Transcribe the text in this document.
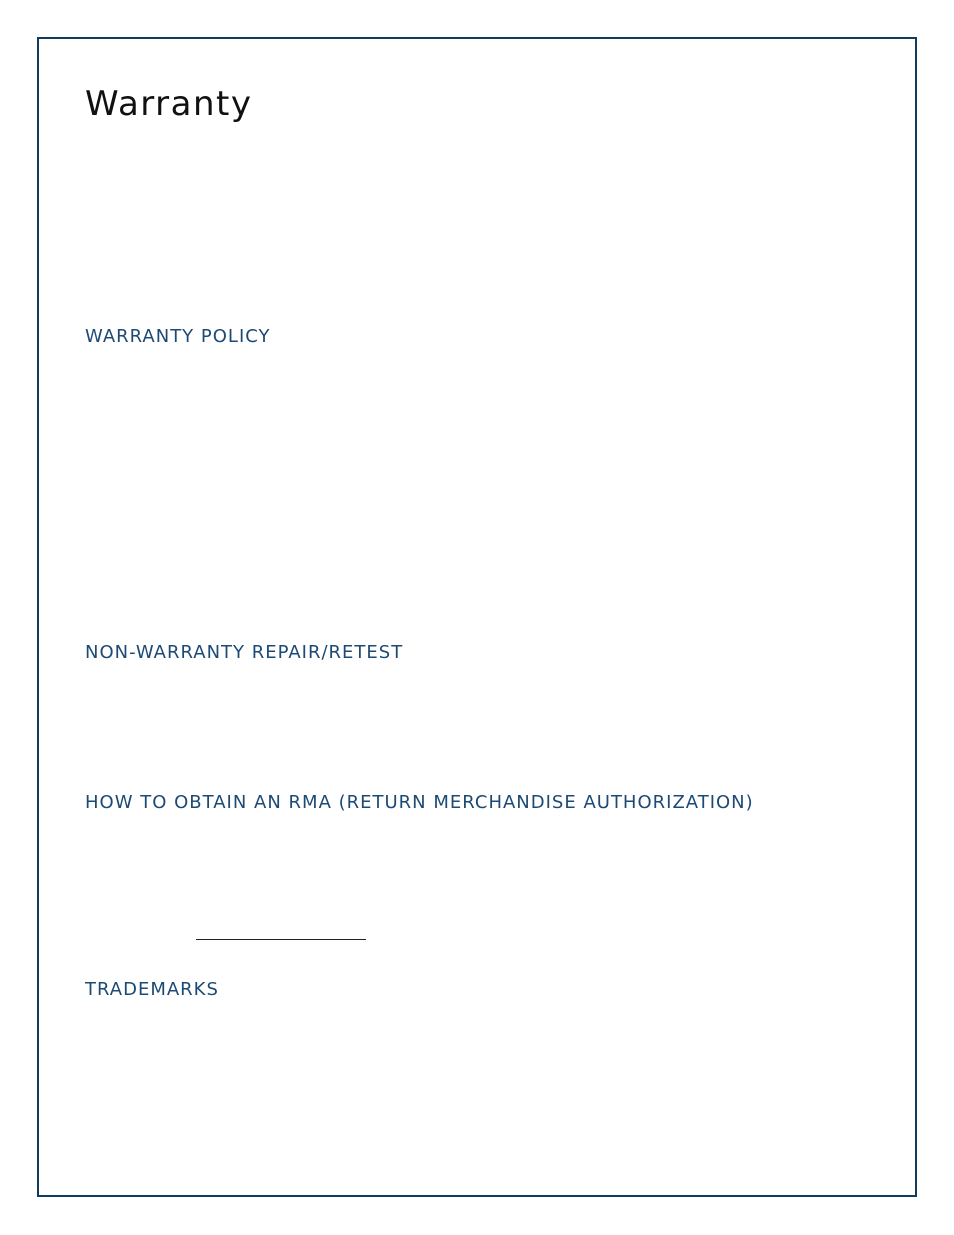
Warranty
WARRANTY POLICY
NON-WARRANTY REPAIR/RETEST
HOW TO OBTAIN AN RMA (RETURN MERCHANDISE AUTHORIZATION)
TRADEMARKS
